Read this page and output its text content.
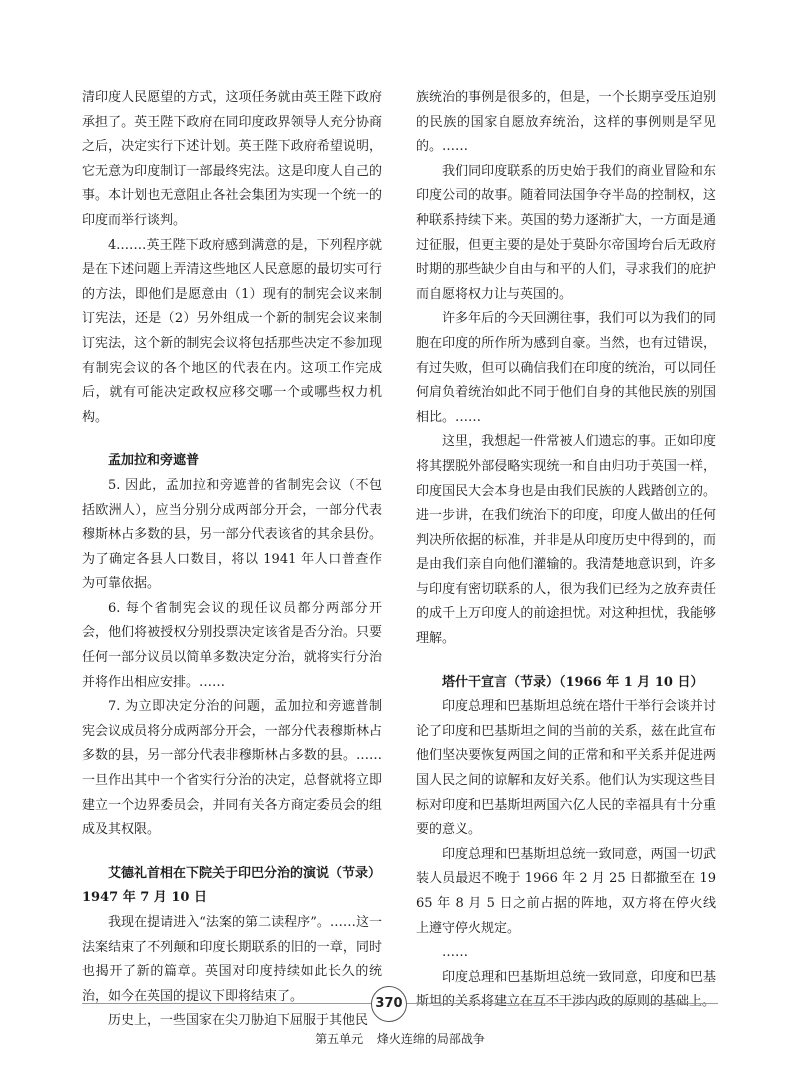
清印度人民愿望的方式，这项任务就由英王陛下政府承担了。英王陛下政府在同印度政界领导人充分协商之后，决定实行下述计划。英王陛下政府希望说明，它无意为印度制订一部最终宪法。这是印度人自己的事。本计划也无意阻止各社会集团为实现一个统一的印度而举行谈判。

4.……英王陛下政府感到满意的是，下列程序就是在下述问题上弄清这些地区人民意愿的最切实可行的方法，即他们是愿意由（1）现有的制宪会议来制订宪法，还是（2）另外组成一个新的制宪会议来制订宪法，这个新的制宪会议将包括那些决定不参加现有制宪会议的各个地区的代表在内。这项工作完成后，就有可能决定政权应移交哪一个或哪些权力机构。

孟加拉和旁遮普

5. 因此，孟加拉和旁遮普的省制宪会议（不包括欧洲人），应当分别分成两部分开会，一部分代表穆斯林占多数的县，另一部分代表该省的其余县份。为了确定各县人口数目，将以 1941 年人口普查作为可靠依据。

6. 每个省制宪会议的现任议员都分两部分开会，他们将被授权分别投票决定该省是否分治。只要任何一部分议员以简单多数决定分治，就将实行分治并将作出相应安排。……

7. 为立即决定分治的问题，孟加拉和旁遮普制宪会议成员将分成两部分开会，一部分代表穆斯林占多数的县，另一部分代表非穆斯林占多数的县。……一旦作出其中一个省实行分治的决定，总督就将立即建立一个边界委员会，并同有关各方商定委员会的组成及其权限。

艾德礼首相在下院关于印巴分治的演说（节录）1947 年 7 月 10 日

我现在提请进入“法案的第二读程序”。……这一法案结束了不列颠和印度长期联系的旧的一章，同时也揭开了新的篇章。英国对印度持续如此长久的统治，如今在英国的提议下即将结束了。

历史上，一些国家在尖刀胁迫下屈服于其他民

族统治的事例是很多的，但是，一个长期享受压迫别的民族的国家自愿放弃统治，这样的事例则是罕见的。……

我们同印度联系的历史始于我们的商业冒险和东印度公司的故事。随着同法国争夺半岛的控制权，这种联系持续下来。英国的势力逐渐扩大，一方面是通过征服，但更主要的是处于莫卧尔帝国垮台后无政府时期的那些缺少自由与和平的人们，寻求我们的庇护而自愿将权力让与英国的。

许多年后的今天回溯往事，我们可以为我们的同胞在印度的所作所为感到自豪。当然，也有过错误，有过失败，但可以确信我们在印度的统治，可以同任何肩负着统治如此不同于他们自身的其他民族的别国相比。……

这里，我想起一件常被人们遗忘的事。正如印度将其摆脱外部侵略实现统一和自由归功于英国一样，印度国民大会本身也是由我们民族的人践踏创立的。进一步讲，在我们统治下的印度，印度人做出的任何判决所依据的标准，并非是从印度历史中得到的，而是由我们亲自向他们灌输的。我清楚地意识到，许多与印度有密切联系的人，很为我们已经为之放弃责任的成千上万印度人的前途担忧。对这种担忧，我能够理解。

塔什干宣言（节录）（1966 年 1 月 10 日）

印度总理和巴基斯坦总统在塔什干举行会谈并讨论了印度和巴基斯坦之间的当前的关系，兹在此宣布他们坚决要恢复两国之间的正常和和平关系并促进两国人民之间的谅解和友好关系。他们认为实现这些目标对印度和巴基斯坦两国六亿人民的幸福具有十分重要的意义。

印度总理和巴基斯坦总统一致同意，两国一切武装人员最迟不晚于 1966 年 2 月 25 日都撤至在 1965 年 8 月 5 日之前占据的阵地，双方将在停火线上遵守停火规定。

……

印度总理和巴基斯坦总统一致同意，印度和巴基斯坦的关系将建立在互不干涉内政的原则的基础上。

370
第五单元 烽火连绵的局部战争
